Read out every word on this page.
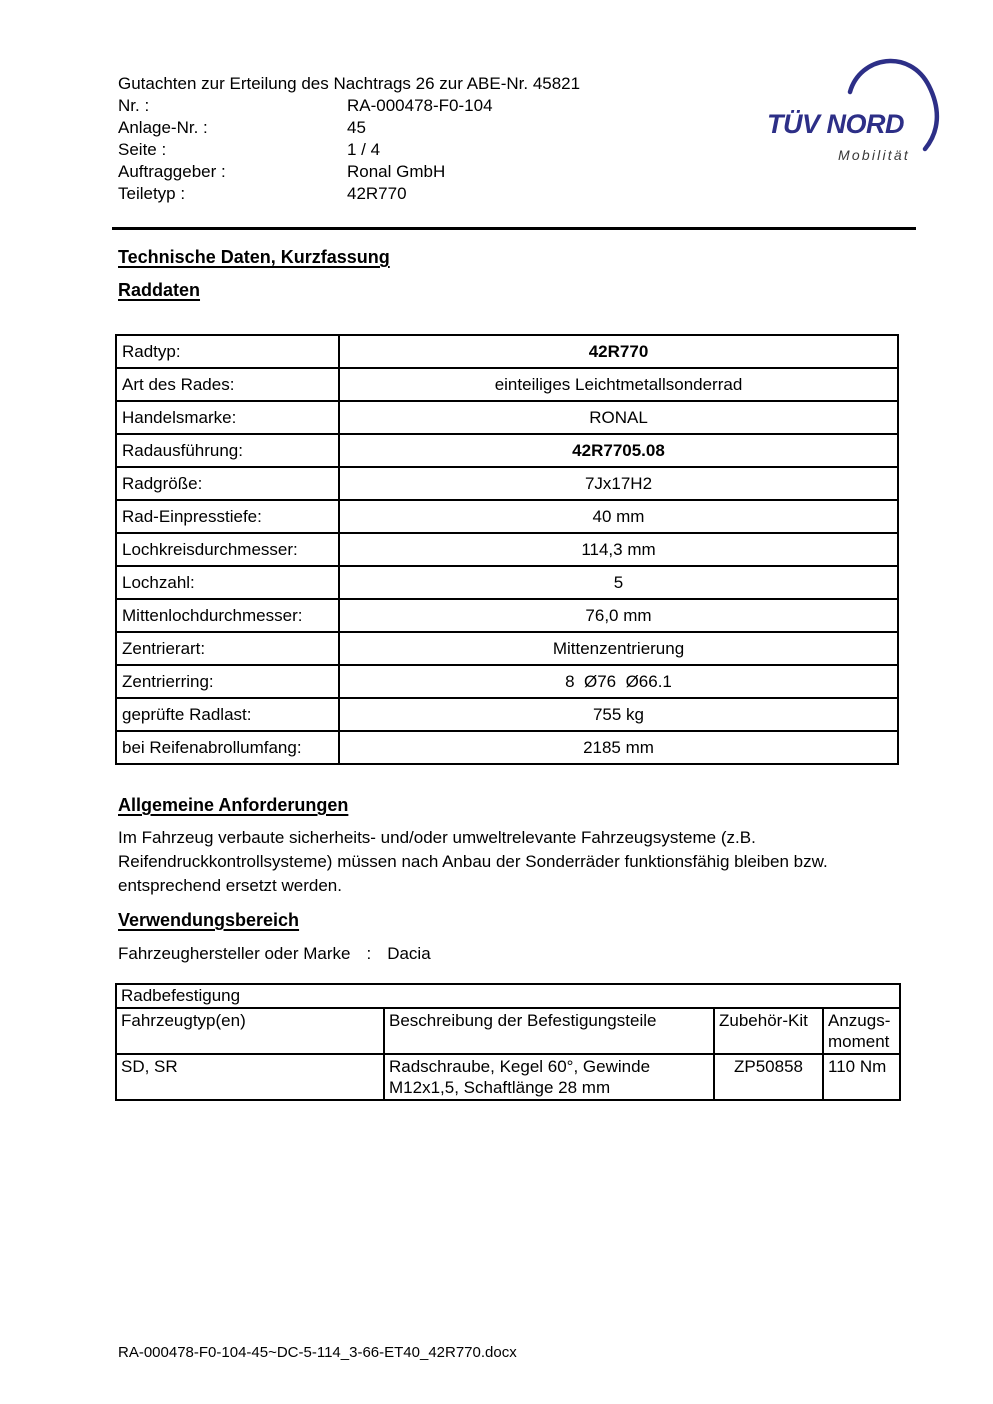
Gutachten zur Erteilung des Nachtrags 26 zur ABE-Nr. 45821
Nr. :	RA-000478-F0-104
Anlage-Nr. :	45
Seite :	1 / 4
Auftraggeber :	Ronal GmbH
Teiletyp :	42R770
TÜV NORD
Mobilität
Technische Daten, Kurzfassung
Raddaten
Radtyp:	42R770
Art des Rades:	einteiliges Leichtmetallsonderrad
Handelsmarke:	RONAL
Radausführung:	42R7705.08
Radgröße:	7Jx17H2
Rad-Einpresstiefe:	40 mm
Lochkreisdurchmesser:	114,3 mm
Lochzahl:	5
Mittenlochdurchmesser:	76,0 mm
Zentrierart:	Mittenzentrierung
Zentrierring:	8  Ø76  Ø66.1
geprüfte Radlast:	755 kg
bei Reifenabrollumfang:	2185 mm
Allgemeine Anforderungen
Im Fahrzeug verbaute sicherheits- und/oder umweltrelevante Fahrzeugsysteme (z.B. Reifendruckkontrollsysteme) müssen nach Anbau der Sonderräder funktionsfähig bleiben bzw. entsprechend ersetzt werden.
Verwendungsbereich
Fahrzeughersteller oder Marke : Dacia
Radbefestigung			
Fahrzeugtyp(en)	Beschreibung der Befestigungsteile	Zubehör-Kit	Anzugs-moment
SD, SR	Radschraube, Kegel 60°, Gewinde M12x1,5, Schaftlänge 28 mm	ZP50858	110 Nm
RA-000478-F0-104-45~DC-5-114_3-66-ET40_42R770.docx
